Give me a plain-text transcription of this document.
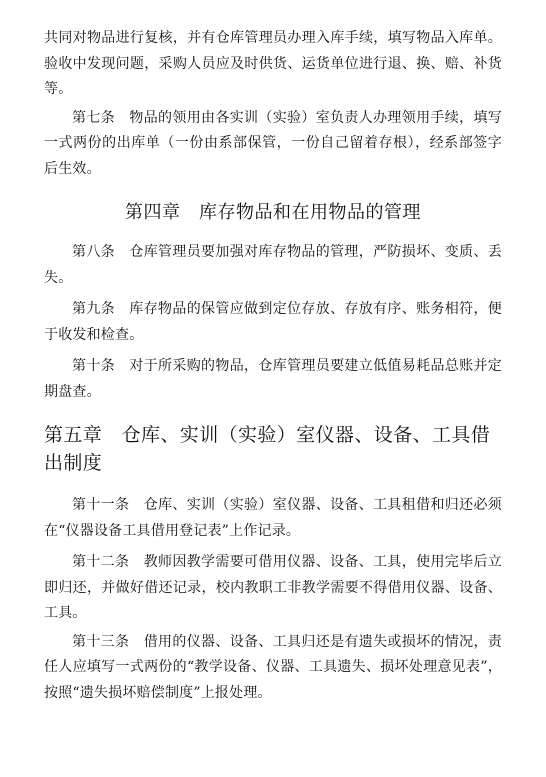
共同对物品进行复核，并有仓库管理员办理入库手续，填写物品入库单。验收中发现问题，采购人员应及时供货、运货单位进行退、换、赔、补货等。

第七条　物品的领用由各实训（实验）室负责人办理领用手续，填写一式两份的出库单（一份由系部保管，一份自己留着存根），经系部签字后生效。

第四章　库存物品和在用物品的管理

第八条　仓库管理员要加强对库存物品的管理，严防损坏、变质、丢失。

第九条　库存物品的保管应做到定位存放、存放有序、账务相符，便于收发和检查。

第十条　对于所采购的物品，仓库管理员要建立低值易耗品总账并定期盘查。

第五章　仓库、实训（实验）室仪器、设备、工具借出制度

第十一条　仓库、实训（实验）室仪器、设备、工具租借和归还必须在“仪器设备工具借用登记表”上作记录。

第十二条　教师因教学需要可借用仪器、设备、工具，使用完毕后立即归还，并做好借还记录，校内教职工非教学需要不得借用仪器、设备、工具。

第十三条　借用的仪器、设备、工具归还是有遗失或损坏的情况，责任人应填写一式两份的“教学设备、仪器、工具遗失、损坏处理意见表”，按照“遗失损坏赔偿制度”上报处理。
